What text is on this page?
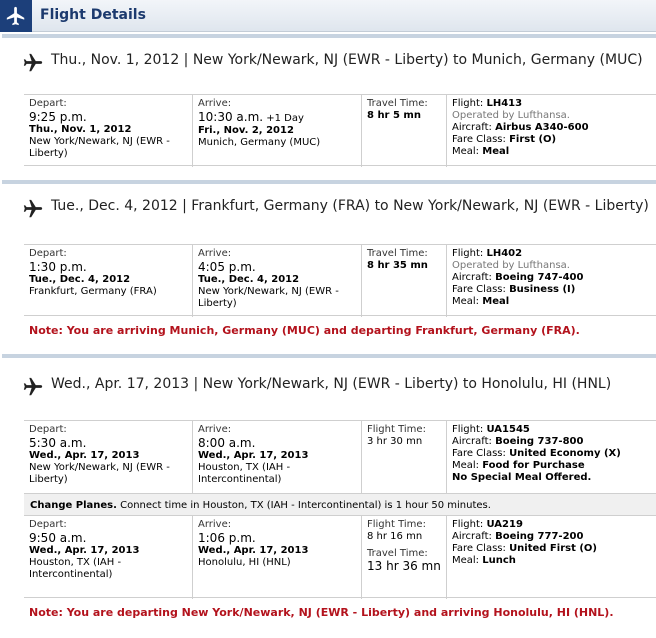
Flight Details
Thu., Nov. 1, 2012 | New York/Newark, NJ (EWR - Liberty) to Munich, Germany (MUC)
Depart:
9:25 p.m.
Thu., Nov. 1, 2012
New York/Newark, NJ (EWR - Liberty)
Arrive:
10:30 a.m. +1 Day
Fri., Nov. 2, 2012
Munich, Germany (MUC)
Travel Time:
8 hr 5 mn
Flight: LH413
Operated by Lufthansa.
Aircraft: Airbus A340-600
Fare Class: First (O)
Meal: Meal
Tue., Dec. 4, 2012 | Frankfurt, Germany (FRA) to New York/Newark, NJ (EWR - Liberty)
Depart:
1:30 p.m.
Tue., Dec. 4, 2012
Frankfurt, Germany (FRA)
Arrive:
4:05 p.m.
Tue., Dec. 4, 2012
New York/Newark, NJ (EWR - Liberty)
Travel Time:
8 hr 35 mn
Flight: LH402
Operated by Lufthansa.
Aircraft: Boeing 747-400
Fare Class: Business (I)
Meal: Meal
Note: You are arriving Munich, Germany (MUC) and departing Frankfurt, Germany (FRA).
Wed., Apr. 17, 2013 | New York/Newark, NJ (EWR - Liberty) to Honolulu, HI (HNL)
Depart:
5:30 a.m.
Wed., Apr. 17, 2013
New York/Newark, NJ (EWR - Liberty)
Arrive:
8:00 a.m.
Wed., Apr. 17, 2013
Houston, TX (IAH - Intercontinental)
Flight Time:
3 hr 30 mn
Flight: UA1545
Aircraft: Boeing 737-800
Fare Class: United Economy (X)
Meal: Food for Purchase
No Special Meal Offered.
Change Planes. Connect time in Houston, TX (IAH - Intercontinental) is 1 hour 50 minutes.
Depart:
9:50 a.m.
Wed., Apr. 17, 2013
Houston, TX (IAH - Intercontinental)
Arrive:
1:06 p.m.
Wed., Apr. 17, 2013
Honolulu, HI (HNL)
Flight Time:
8 hr 16 mn
Travel Time:
13 hr 36 mn
Flight: UA219
Aircraft: Boeing 777-200
Fare Class: United First (O)
Meal: Lunch
Note: You are departing New York/Newark, NJ (EWR - Liberty) and arriving Honolulu, HI (HNL).
